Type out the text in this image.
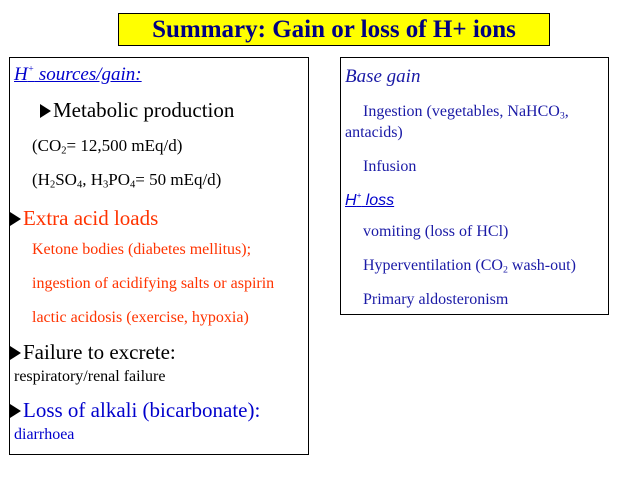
Summary: Gain or loss of H+ ions
H+ sources/gain:
Metabolic production
($CO_2= 12,500$ mEq/d)
($H_2SO_4$, $H_3PO_4= 50$ mEq/d)
Extra acid loads
Ketone bodies (diabetes mellitus);
ingestion of acidifying salts or aspirin
lactic acidosis (exercise, hypoxia)
Failure to excrete:
respiratory/renal failure
Loss of alkali (bicarbonate):
diarrhoea
Base gain
Ingestion (vegetables, NaHCO$_3$,
antacids)
Infusion
H+ loss
vomiting (loss of HCl)
Hyperventilation ($CO_2$ wash-out)
Primary aldosteronism
